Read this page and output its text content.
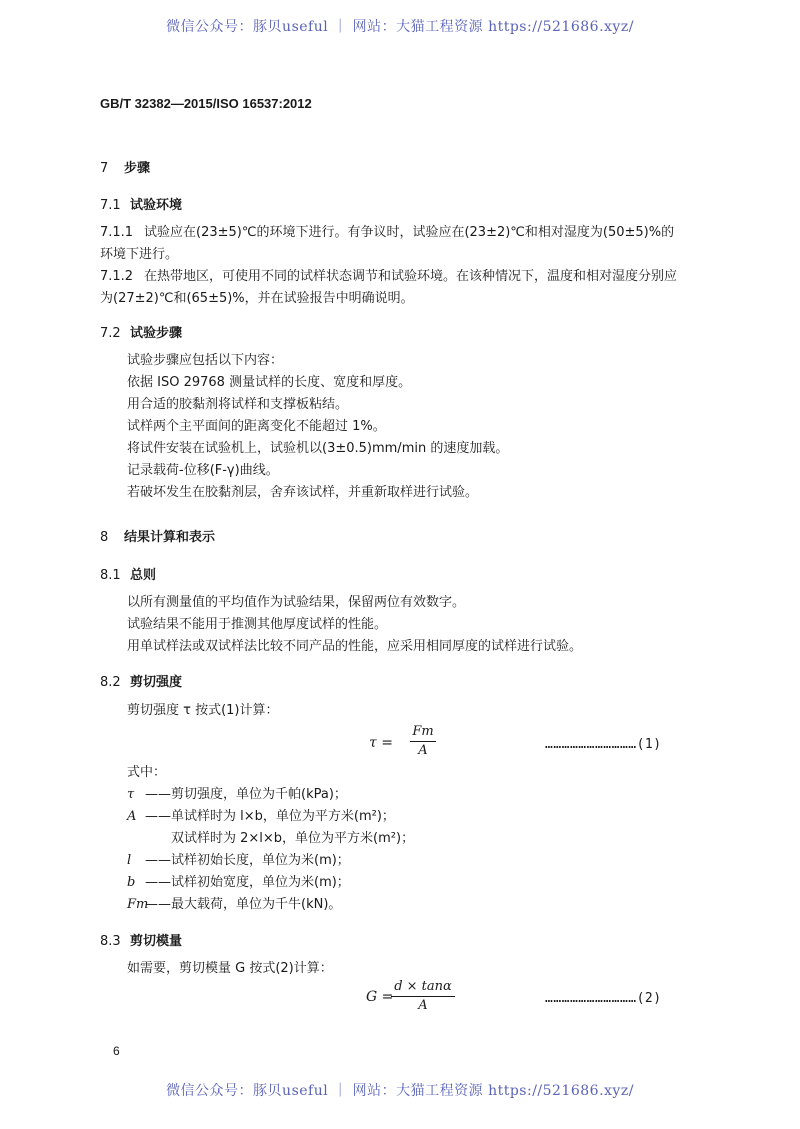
微信公众号：豚贝useful ｜ 网站：大猫工程资源 https://521686.xyz/
GB/T 32382—2015/ISO 16537:2012
7 步骤
7.1 试验环境
7.1.1 试验应在(23±5)℃的环境下进行。有争议时，试验应在(23±2)℃和相对湿度为(50±5)%的
环境下进行。
7.1.2 在热带地区，可使用不同的试样状态调节和试验环境。在该种情况下，温度和相对湿度分别应
为(27±2)℃和(65±5)%，并在试验报告中明确说明。
7.2 试验步骤
试验步骤应包括以下内容：
依据 ISO 29768 测量试样的长度、宽度和厚度。
用合适的胶黏剂将试样和支撑板粘结。
试样两个主平面间的距离变化不能超过 1%。
将试件安装在试验机上，试验机以(3±0.5)mm/min 的速度加载。
记录载荷-位移(F-γ)曲线。
若破坏发生在胶黏剂层，舍弃该试样，并重新取样进行试验。
8 结果计算和表示
8.1 总则
以所有测量值的平均值作为试验结果，保留两位有效数字。
试验结果不能用于推测其他厚度试样的性能。
用单试样法或双试样法比较不同产品的性能，应采用相同厚度的试样进行试验。
8.2 剪切强度
剪切强度 τ 按式(1)计算：
τ =
Fm
A	……………………………(1)
式中：
τ ——剪切强度，单位为千帕(kPa)；
A ——单试样时为 l×b，单位为平方米(m²)；
双试样时为 2×l×b，单位为平方米(m²)；
l ——试样初始长度，单位为米(m)；
b ——试样初始宽度，单位为米(m)；
Fm——最大载荷，单位为千牛(kN)。
8.3 剪切模量
如需要，剪切模量 G 按式(2)计算：
G =
d × tanα
A	……………………………(2)
6
微信公众号：豚贝useful ｜ 网站：大猫工程资源 https://521686.xyz/
